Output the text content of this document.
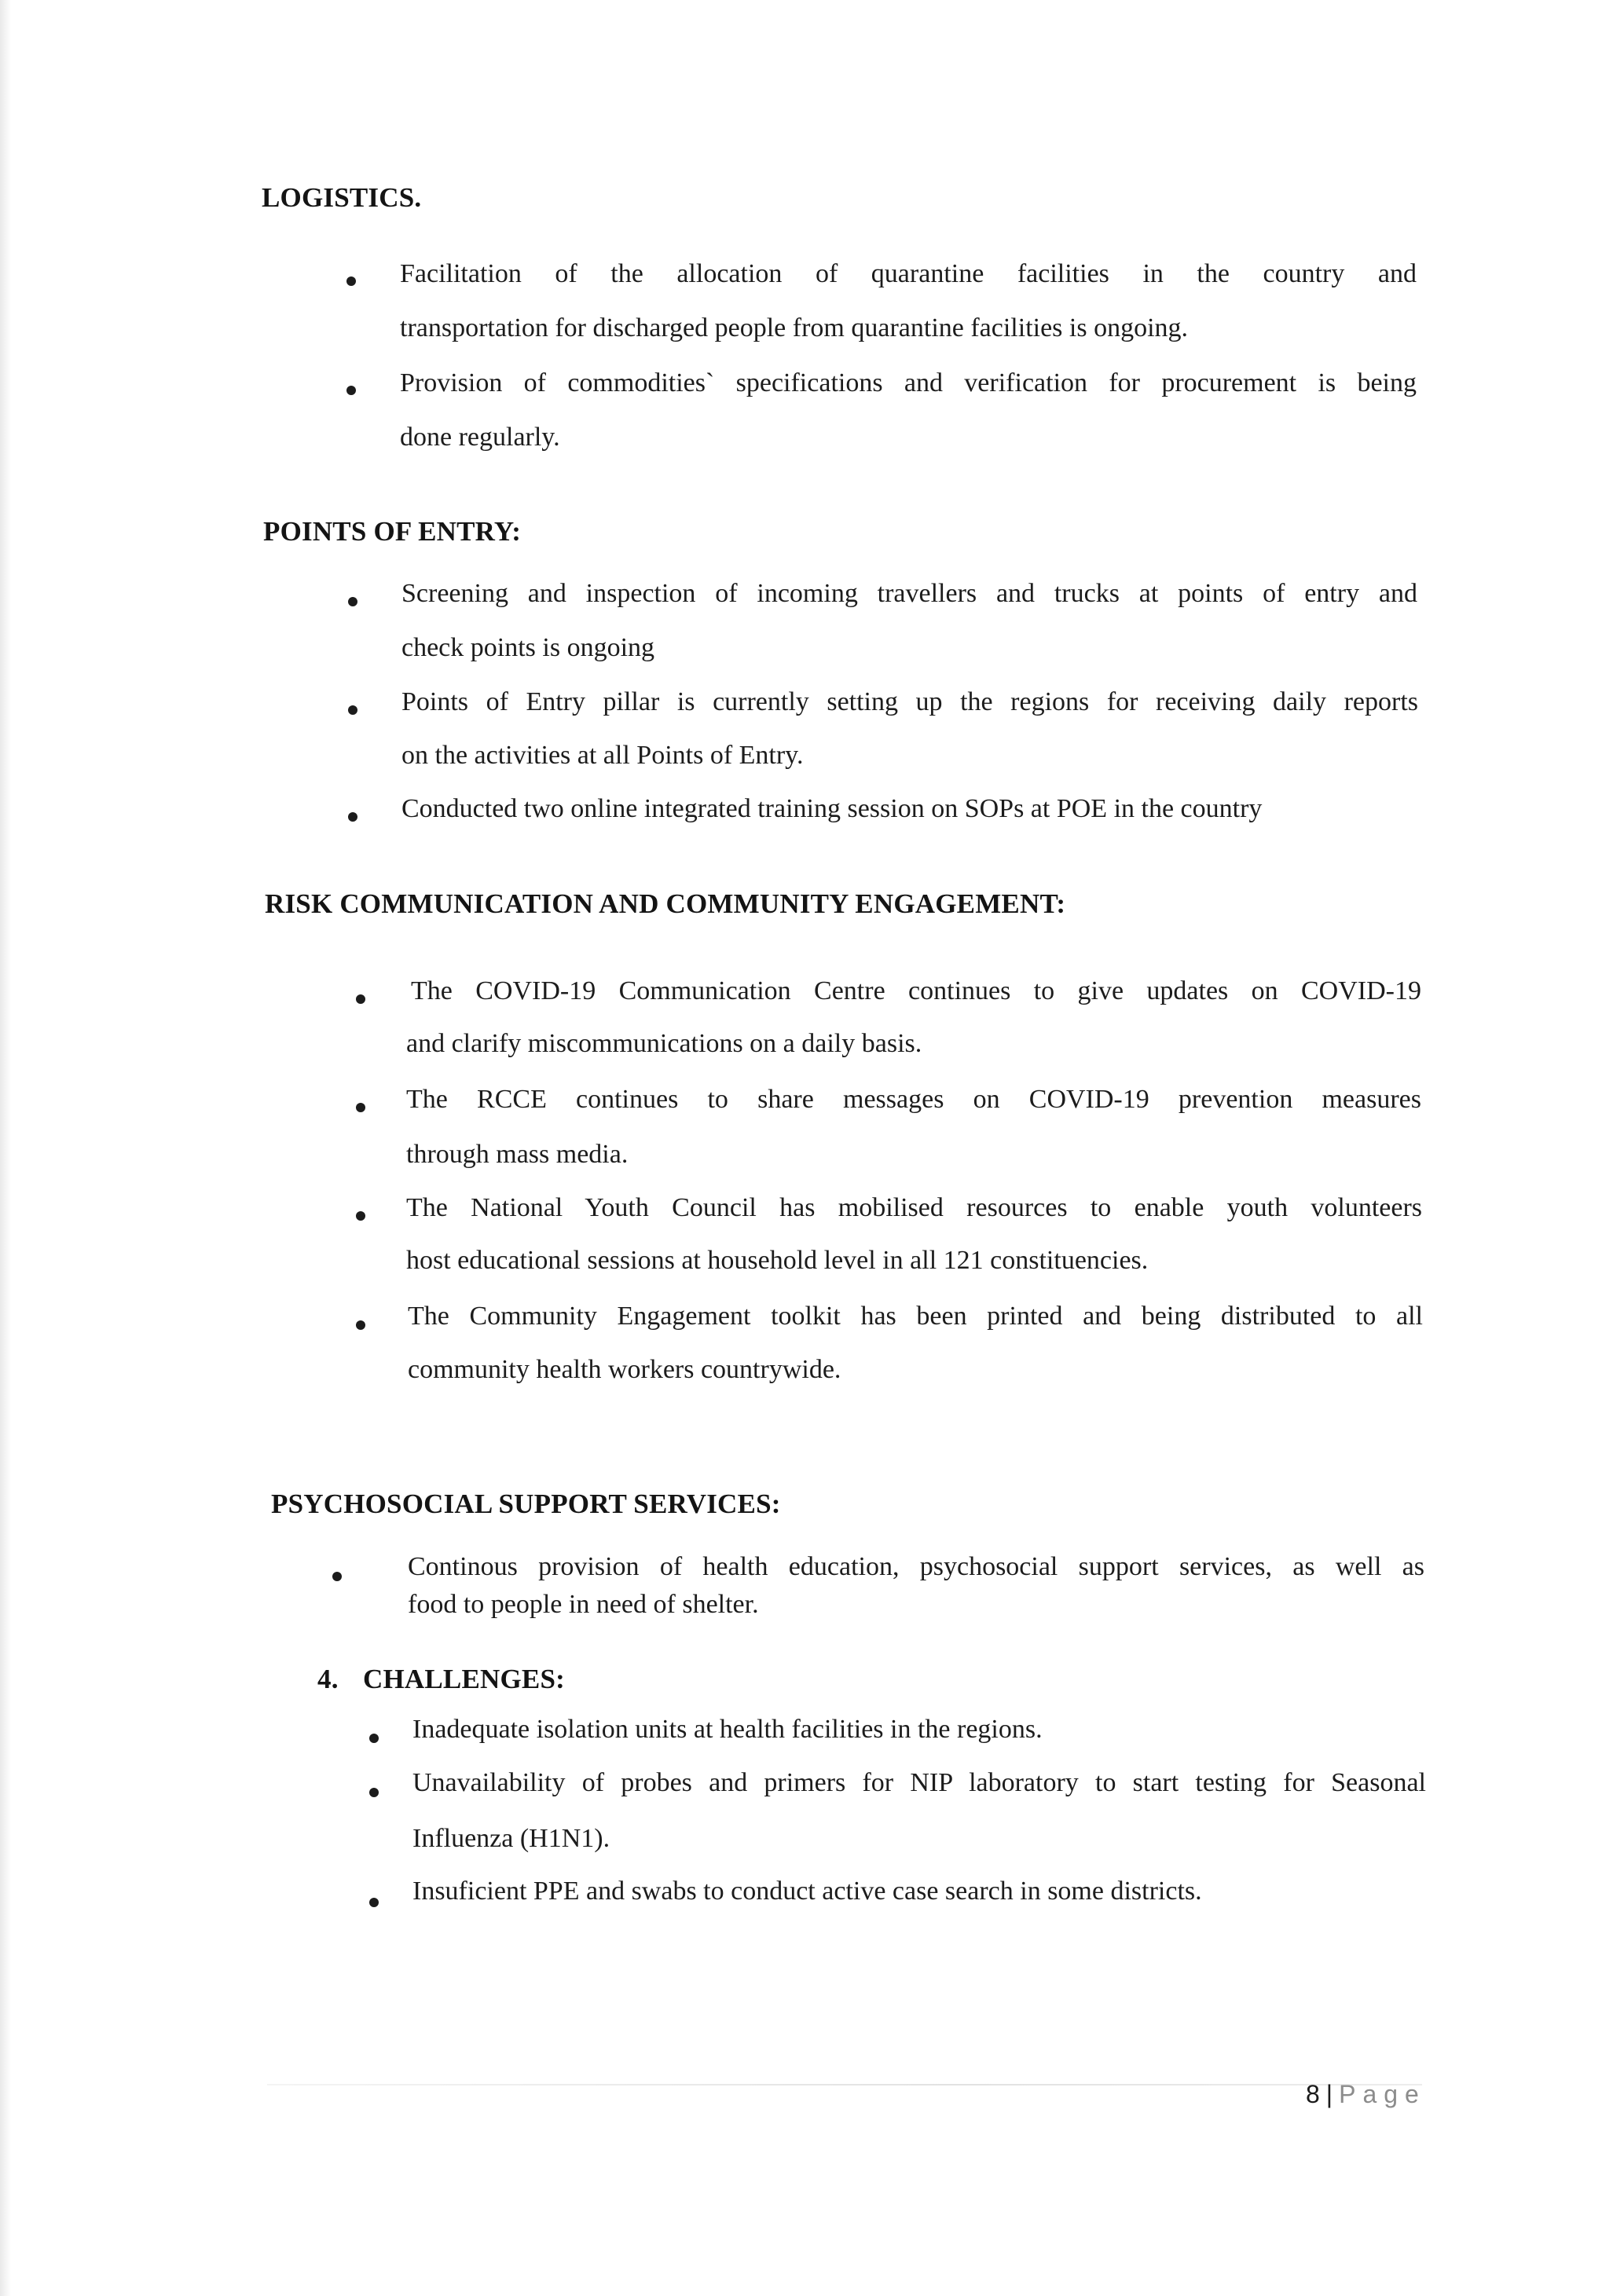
LOGISTICS.
Facilitation of the allocation of quarantine facilities in the country and
transportation for discharged people from quarantine facilities is ongoing.
Provision of commodities` specifications and verification for procurement is being
done regularly.
POINTS OF ENTRY:
Screening and inspection of incoming travellers and trucks at points of entry and
check points is ongoing
Points of Entry pillar is currently setting up the regions for receiving daily reports
on the activities at all Points of Entry.
Conducted two online integrated training session on SOPs at POE in the country
RISK COMMUNICATION AND COMMUNITY ENGAGEMENT:
The COVID-19 Communication Centre continues to give updates on COVID-19
and clarify miscommunications on a daily basis.
The RCCE continues to share messages on COVID-19 prevention measures
through mass media.
The National Youth Council has mobilised resources to enable youth volunteers
host educational sessions at household level in all 121 constituencies.
The Community Engagement toolkit has been printed and being distributed to all
community health workers countrywide.
PSYCHOSOCIAL SUPPORT SERVICES:
Continous provision of health education, psychosocial support services, as well as
food to people in need of shelter.
4. CHALLENGES:
Inadequate isolation units at health facilities in the regions.
Unavailability of probes and primers for NIP laboratory to start testing for Seasonal
Influenza (H1N1).
Insuficient PPE and swabs to conduct active case search in some districts.
8 | Page
